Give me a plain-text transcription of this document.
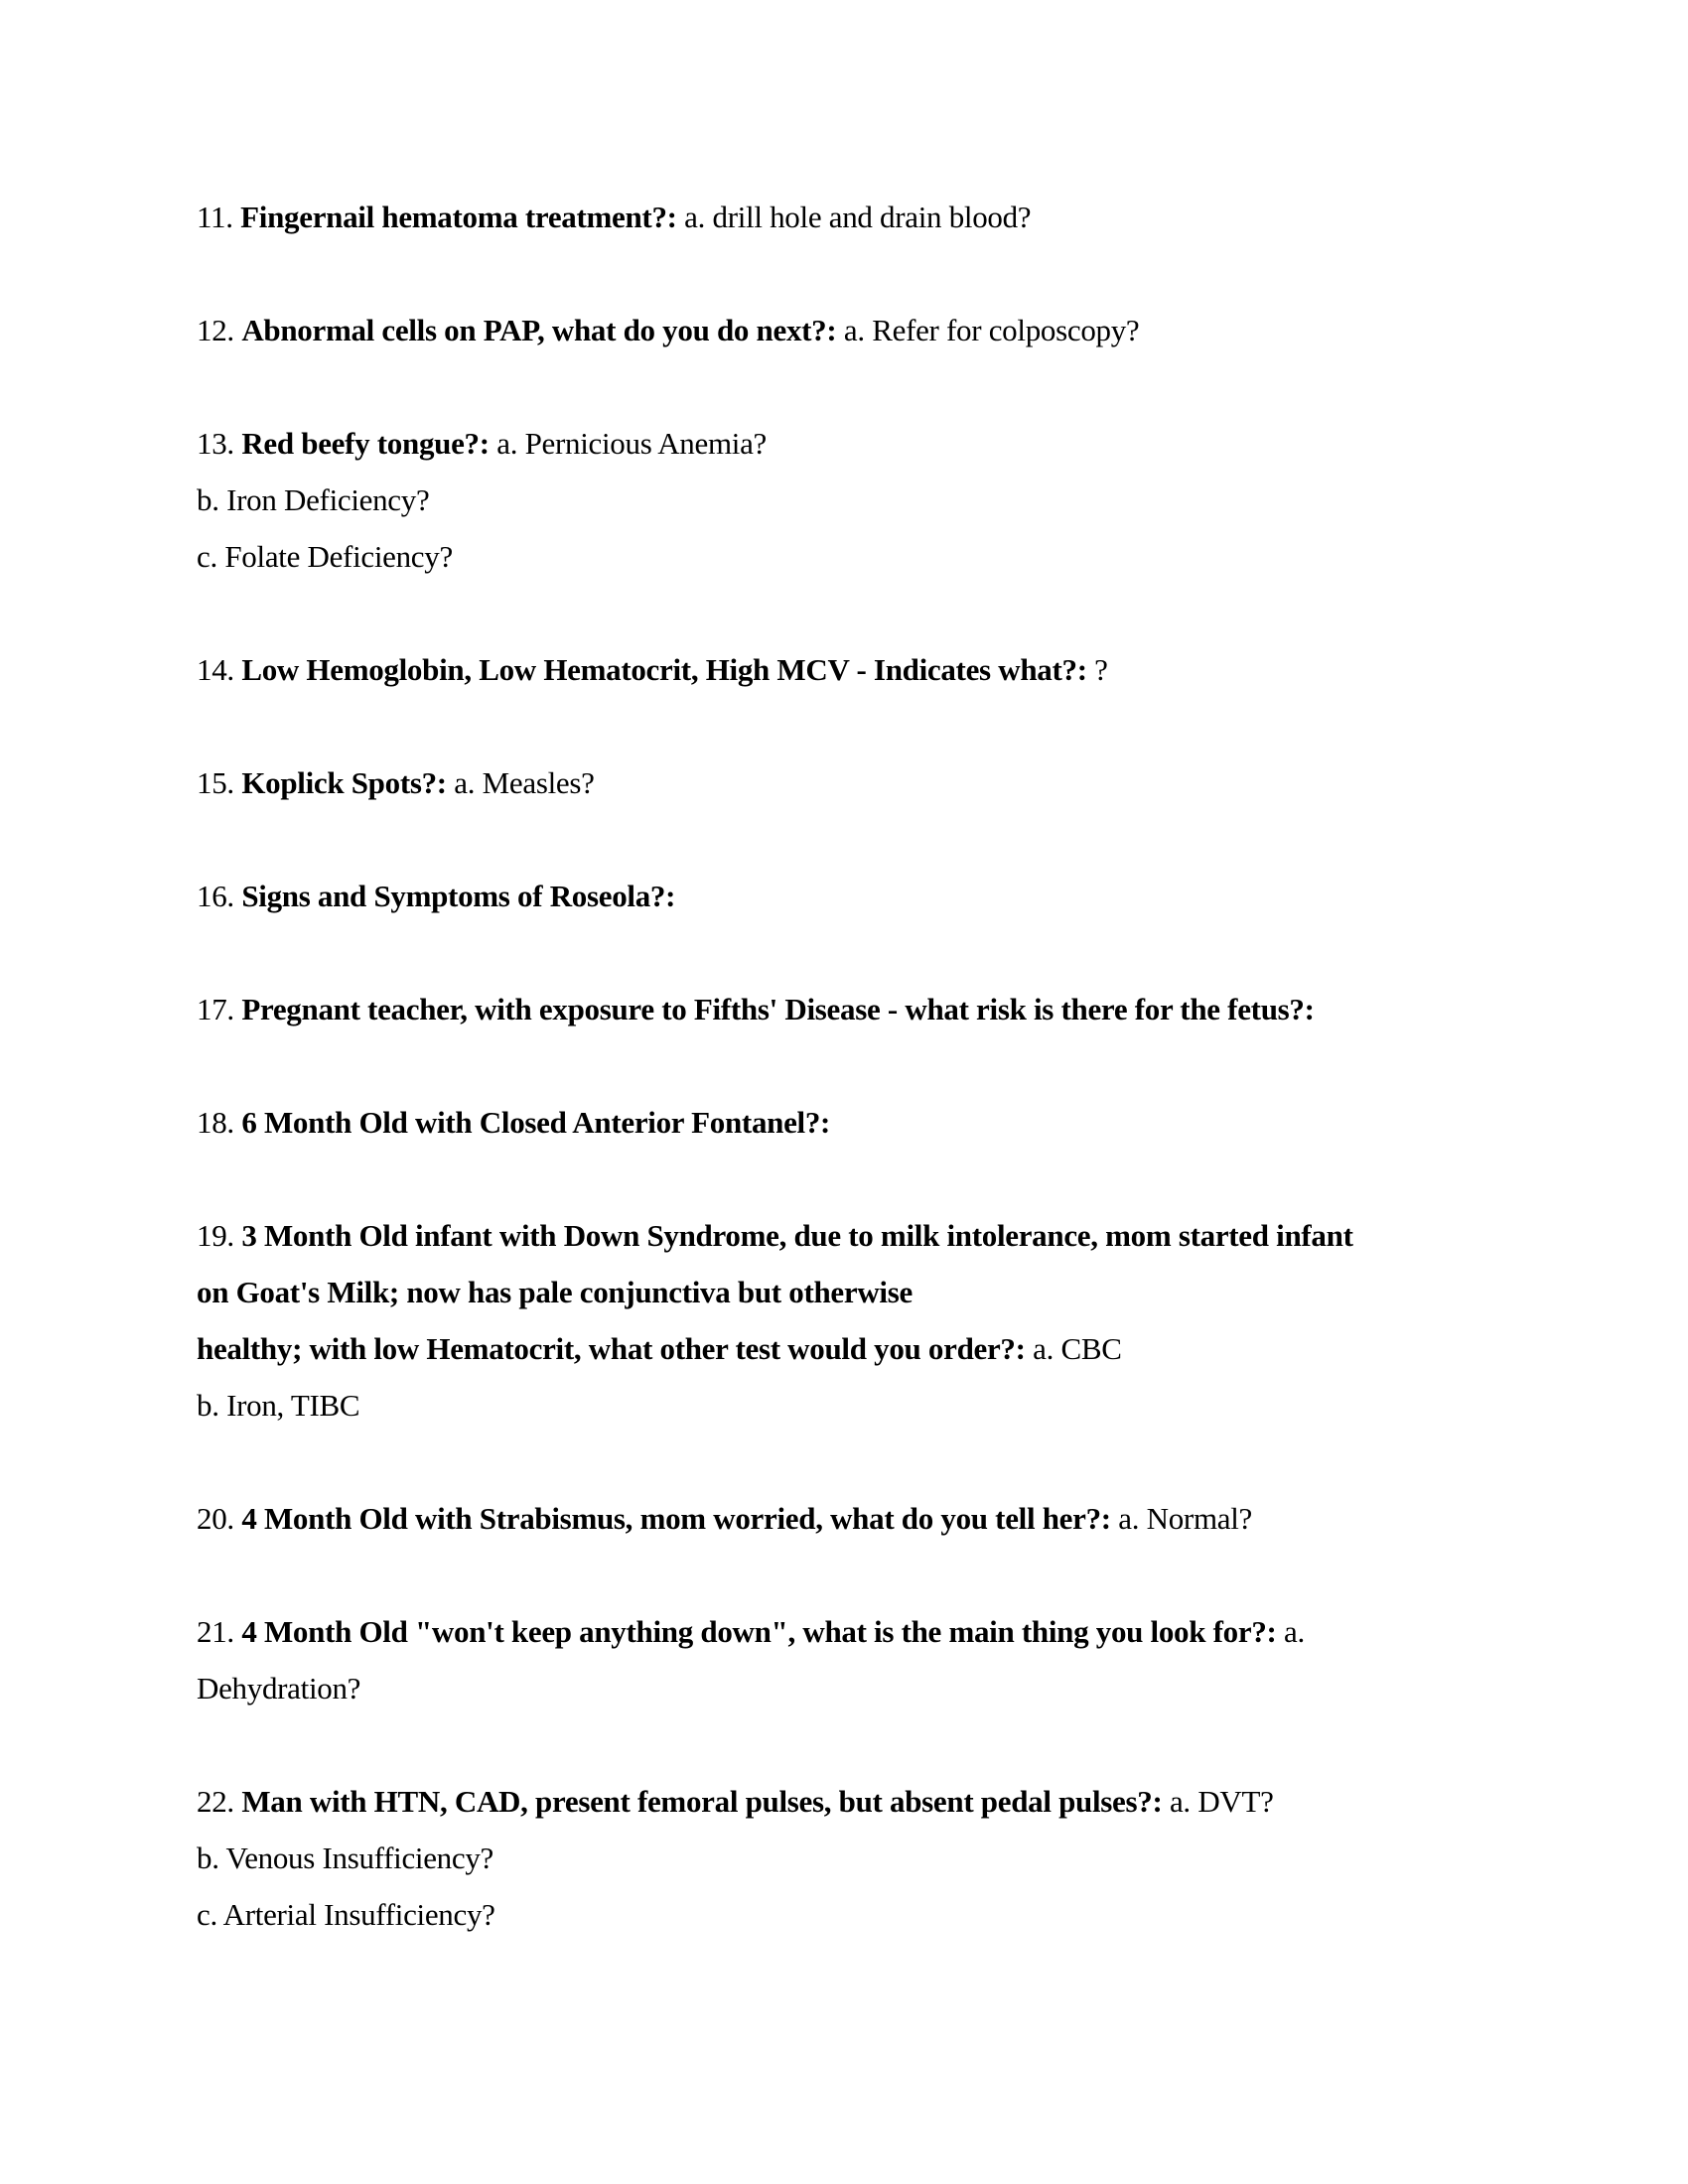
11. Fingernail hematoma treatment?: a. drill hole and drain blood?
12. Abnormal cells on PAP, what do you do next?: a. Refer for colposcopy?
13. Red beefy tongue?: a. Pernicious Anemia?
b. Iron Deficiency?
c. Folate Deficiency?
14. Low Hemoglobin, Low Hematocrit, High MCV - Indicates what?: ?
15. Koplick Spots?: a. Measles?
16. Signs and Symptoms of Roseola?:
17. Pregnant teacher, with exposure to Fifths' Disease - what risk is there for the fetus?:
18. 6 Month Old with Closed Anterior Fontanel?:
19. 3 Month Old infant with Down Syndrome, due to milk intolerance, mom started infant
on Goat's Milk; now has pale conjunctiva but otherwise
healthy; with low Hematocrit, what other test would you order?: a. CBC
b. Iron, TIBC
20. 4 Month Old with Strabismus, mom worried, what do you tell her?: a. Normal?
21. 4 Month Old "won't keep anything down", what is the main thing you look for?: a.
Dehydration?
22. Man with HTN, CAD, present femoral pulses, but absent pedal pulses?: a. DVT?
b. Venous Insufficiency?
c. Arterial Insufficiency?
